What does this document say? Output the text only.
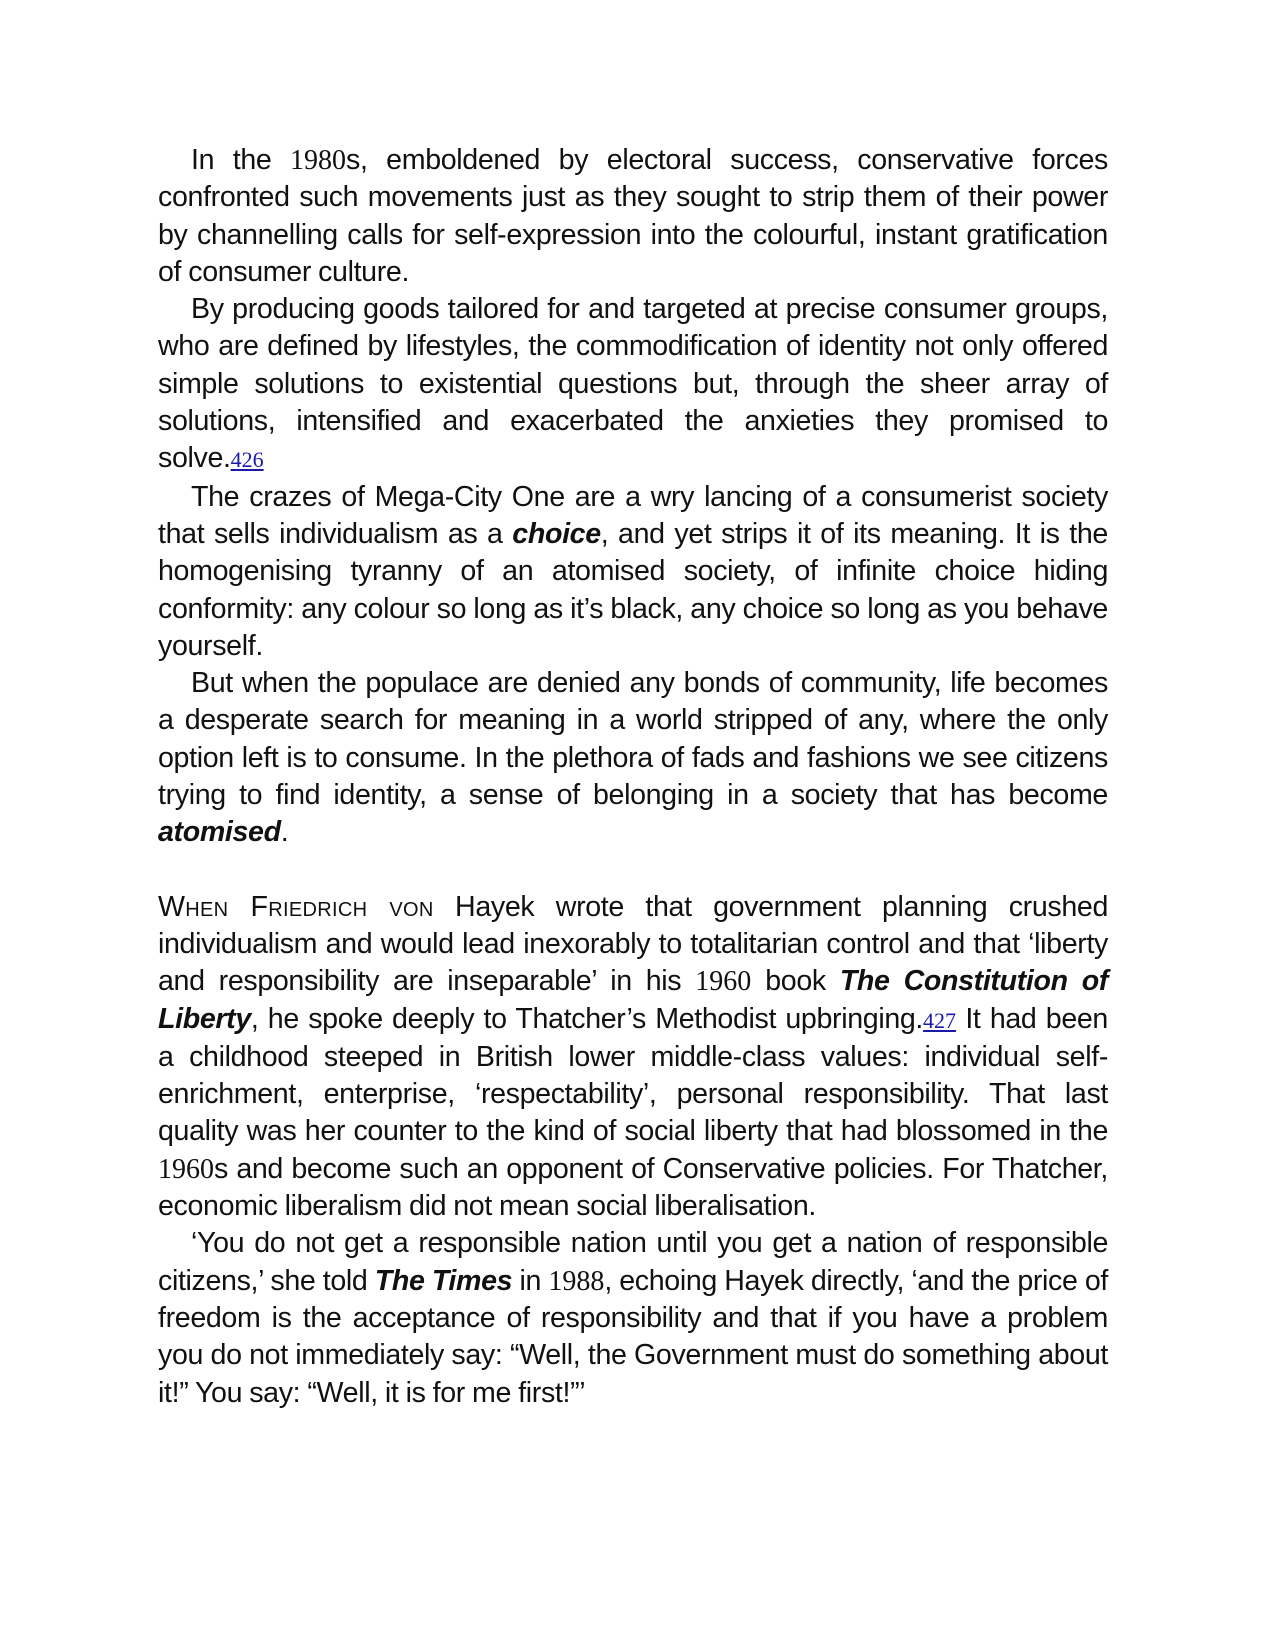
In the 1980s, emboldened by electoral success, conservative forces confronted such movements just as they sought to strip them of their power by channelling calls for self-expression into the colourful, instant gratification of consumer culture.

By producing goods tailored for and targeted at precise consumer groups, who are defined by lifestyles, the commodification of identity not only offered simple solutions to existential questions but, through the sheer array of solutions, intensified and exacerbated the anxieties they promised to solve.426

The crazes of Mega-City One are a wry lancing of a consumerist society that sells individualism as a choice, and yet strips it of its meaning. It is the homogenising tyranny of an atomised society, of infinite choice hiding conformity: any colour so long as it’s black, any choice so long as you behave yourself.

But when the populace are denied any bonds of community, life becomes a desperate search for meaning in a world stripped of any, where the only option left is to consume. In the plethora of fads and fashions we see citizens trying to find identity, a sense of belonging in a society that has become atomised.

When Friedrich von Hayek wrote that government planning crushed individualism and would lead inexorably to totalitarian control and that ‘liberty and responsibility are inseparable’ in his 1960 book The Constitution of Liberty, he spoke deeply to Thatcher’s Methodist upbringing.427 It had been a childhood steeped in British lower middle-class values: individual self-enrichment, enterprise, ‘respectability’, personal responsibility. That last quality was her counter to the kind of social liberty that had blossomed in the 1960s and become such an opponent of Conservative policies. For Thatcher, economic liberalism did not mean social liberalisation.

‘You do not get a responsible nation until you get a nation of responsible citizens,’ she told The Times in 1988, echoing Hayek directly, ‘and the price of freedom is the acceptance of responsibility and that if you have a problem you do not immediately say: “Well, the Government must do something about it!” You say: “Well, it is for me first!”’
